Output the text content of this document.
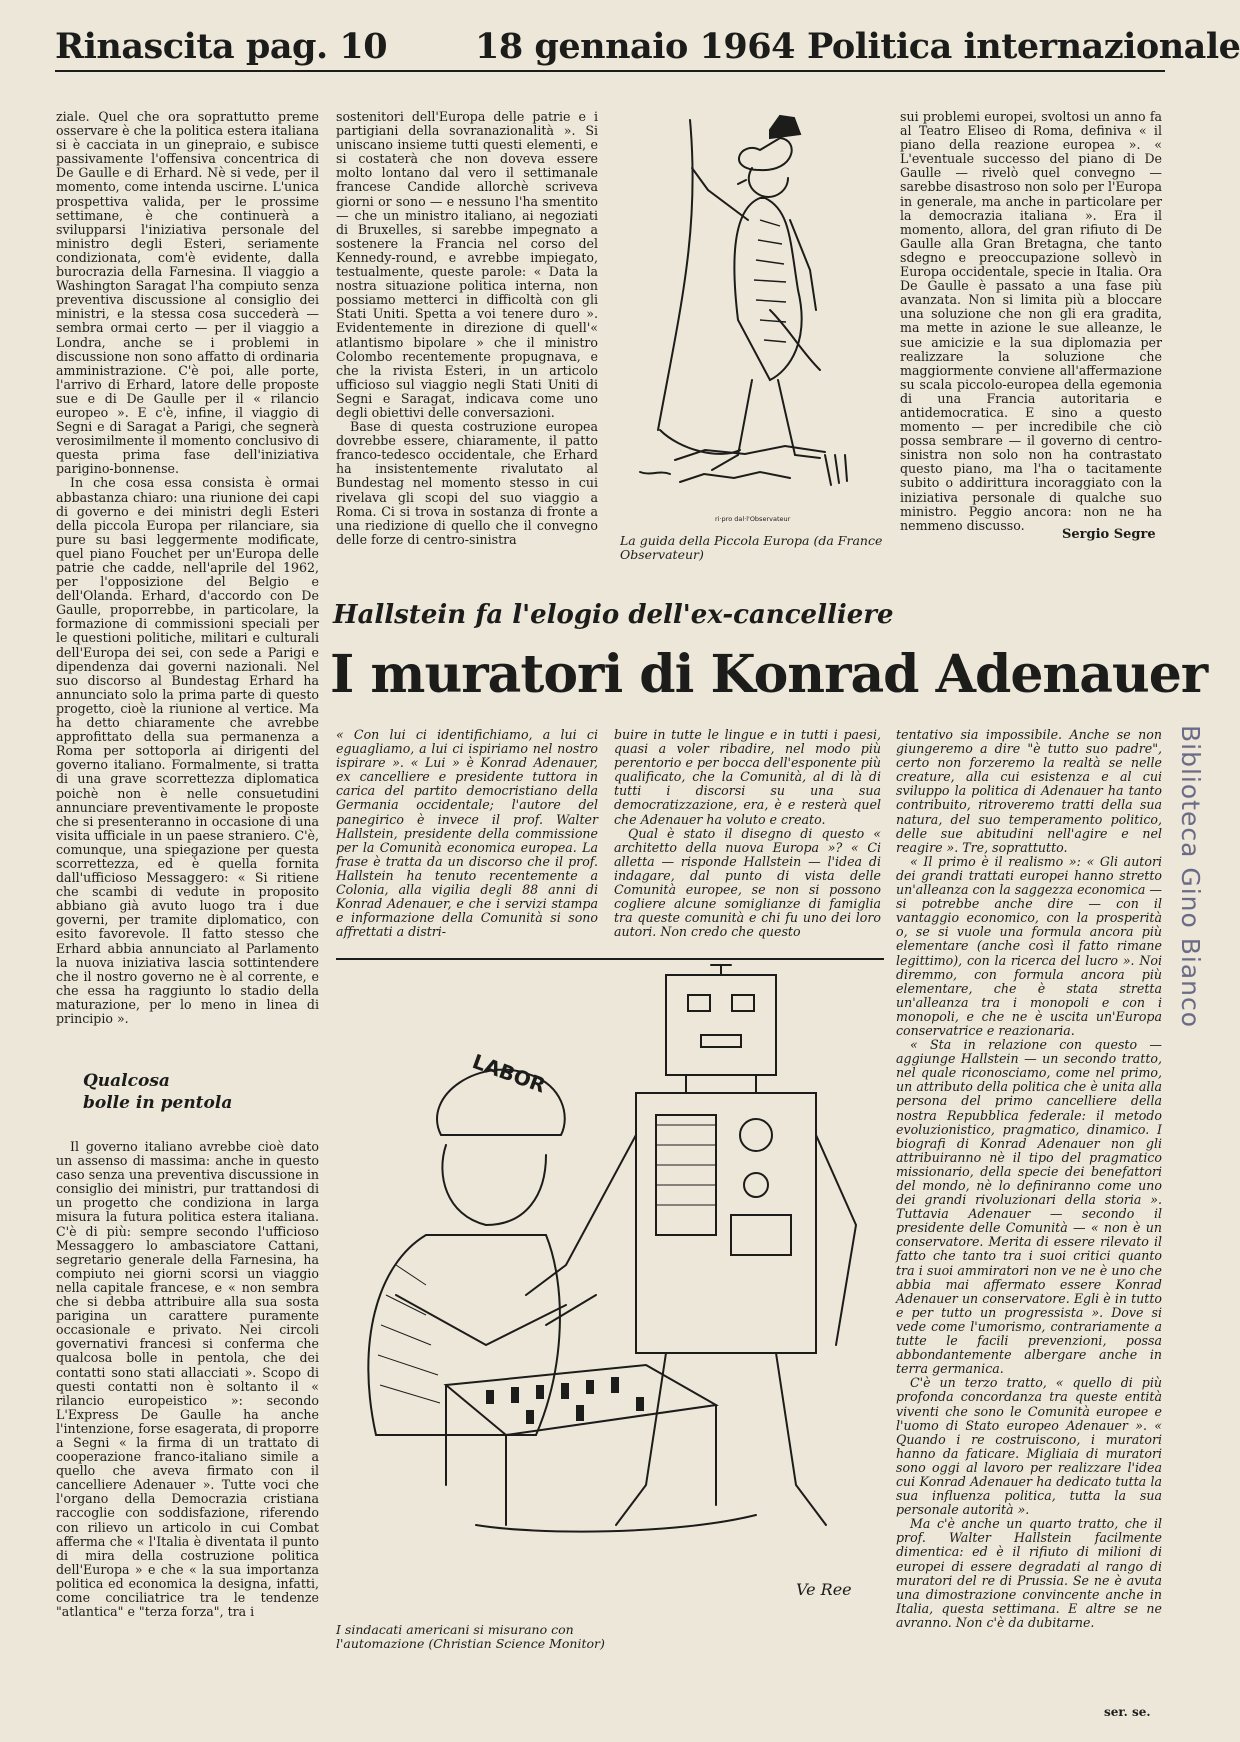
Rinascita pag. 10	18 gennaio 1964 Politica internazionale

ziale. Quel che ora soprattutto preme osservare è che la politica estera italiana si è cacciata in un ginepraio, e subisce passivamente l'offensiva concentrica di De Gaulle e di Erhard. Nè si vede, per il momento, come intenda uscirne. L'unica prospettiva valida, per le prossime settimane, è che continuerà a svilupparsi l'iniziativa personale del ministro degli Esteri, seriamente condizionata, com'è evidente, dalla burocrazia della Farnesina. Il viaggio a Washington Saragat l'ha compiuto senza preventiva discussione al consiglio dei ministri, e la stessa cosa succederà — sembra ormai certo — per il viaggio a Londra, anche se i problemi in discussione non sono affatto di ordinaria amministrazione. C'è poi, alle porte, l'arrivo di Erhard, latore delle proposte sue e di De Gaulle per il « rilancio europeo ». E c'è, infine, il viaggio di Segni e di Saragat a Parigi, che segnerà verosimilmente il momento conclusivo di questa prima fase dell'iniziativa parigino-bonnense.

In che cosa essa consista è ormai abbastanza chiaro: una riunione dei capi di governo e dei ministri degli Esteri della piccola Europa per rilanciare, sia pure su basi leggermente modificate, quel piano Fouchet per un'Europa delle patrie che cadde, nell'aprile del 1962, per l'opposizione del Belgio e dell'Olanda. Erhard, d'accordo con De Gaulle, proporrebbe, in particolare, la formazione di commissioni speciali per le questioni politiche, militari e culturali dell'Europa dei sei, con sede a Parigi e dipendenza dai governi nazionali. Nel suo discorso al Bundestag Erhard ha annunciato solo la prima parte di questo progetto, cioè la riunione al vertice. Ma ha detto chiaramente che avrebbe approfittato della sua permanenza a Roma per sottoporla ai dirigenti del governo italiano. Formalmente, si tratta di una grave scorrettezza diplomatica poichè non è nelle consuetudini annunciare preventivamente le proposte che si presenteranno in occasione di una visita ufficiale in un paese straniero. C'è, comunque, una spiegazione per questa scorrettezza, ed è quella fornita dall'ufficioso Messaggero: « Si ritiene che scambi di vedute in proposito abbiano già avuto luogo tra i due governi, per tramite diplomatico, con esito favorevole. Il fatto stesso che Erhard abbia annunciato al Parlamento la nuova iniziativa lascia sottintendere che il nostro governo ne è al corrente, e che essa ha raggiunto lo stadio della maturazione, per lo meno in linea di principio ».

Qualcosa
bolle in pentola

Il governo italiano avrebbe cioè dato un assenso di massima: anche in questo caso senza una preventiva discussione in consiglio dei ministri, pur trattandosi di un progetto che condiziona in larga misura la futura politica estera italiana. C'è di più: sempre secondo l'ufficioso Messaggero lo ambasciatore Cattani, segretario generale della Farnesina, ha compiuto nei giorni scorsi un viaggio nella capitale francese, e « non sembra che si debba attribuire alla sua sosta parigina un carattere puramente occasionale e privato. Nei circoli governativi francesi si conferma che qualcosa bolle in pentola, che dei contatti sono stati allacciati ». Scopo di questi contatti non è soltanto il « rilancio europeistico »: secondo L'Express De Gaulle ha anche l'intenzione, forse esagerata, di proporre a Segni « la firma di un trattato di cooperazione franco-italiano simile a quello che aveva firmato con il cancelliere Adenauer ». Tutte voci che l'organo della Democrazia cristiana raccoglie con soddisfazione, riferendo con rilievo un articolo in cui Combat afferma che « l'Italia è diventata il punto di mira della costruzione politica dell'Europa » e che « la sua importanza politica ed economica la designa, infatti, come conciliatrice tra le tendenze "atlantica" e "terza forza", tra i

sostenitori dell'Europa delle patrie e i partigiani della sovranazionalità ». Si uniscano insieme tutti questi elementi, e si costaterà che non doveva essere molto lontano dal vero il settimanale francese Candide allorchè scriveva giorni or sono — e nessuno l'ha smentito — che un ministro italiano, ai negoziati di Bruxelles, si sarebbe impegnato a sostenere la Francia nel corso del Kennedy-round, e avrebbe impiegato, testualmente, queste parole: « Data la nostra situazione politica interna, non possiamo metterci in difficoltà con gli Stati Uniti. Spetta a voi tenere duro ». Evidentemente in direzione di quell'« atlantismo bipolare » che il ministro Colombo recentemente propugnava, e che la rivista Esteri, in un articolo ufficioso sul viaggio negli Stati Uniti di Segni e Saragat, indicava come uno degli obiettivi delle conversazioni.

Base di questa costruzione europea dovrebbe essere, chiaramente, il patto franco-tedesco occidentale, che Erhard ha insistentemente rivalutato al Bundestag nel momento stesso in cui rivelava gli scopi del suo viaggio a Roma. Ci si trova in sostanza di fronte a una riedizione di quello che il convegno delle forze di centro-sinistra

ri·pro dal·l'Observateur
La guida della Piccola Europa (da France Observateur)

sui problemi europei, svoltosi un anno fa al Teatro Eliseo di Roma, definiva « il piano della reazione europea ». « L'eventuale successo del piano di De Gaulle — rivelò quel convegno — sarebbe disastroso non solo per l'Europa in generale, ma anche in particolare per la democrazia italiana ». Era il momento, allora, del gran rifiuto di De Gaulle alla Gran Bretagna, che tanto sdegno e preoccupazione sollevò in Europa occidentale, specie in Italia. Ora De Gaulle è passato a una fase più avanzata. Non si limita più a bloccare una soluzione che non gli era gradita, ma mette in azione le sue alleanze, le sue amicizie e la sua diplomazia per realizzare la soluzione che maggiormente conviene all'affermazione su scala piccolo-europea della egemonia di una Francia autoritaria e antidemocratica. E sino a questo momento — per incredibile che ciò possa sembrare — il governo di centro-sinistra non solo non ha contrastato questo piano, ma l'ha o tacitamente subito o addirittura incoraggiato con la iniziativa personale di qualche suo ministro. Peggio ancora: non ne ha nemmeno discusso.

Sergio Segre
Hallstein fa l'elogio dell'ex-cancelliere
I muratori di Konrad Adenauer

« Con lui ci identifichiamo, a lui ci eguagliamo, a lui ci ispiriamo nel nostro ispirare ». « Lui » è Konrad Adenauer, ex cancelliere e presidente tuttora in carica del partito democristiano della Germania occidentale; l'autore del panegirico è invece il prof. Walter Hallstein, presidente della commissione per la Comunità economica europea. La frase è tratta da un discorso che il prof. Hallstein ha tenuto recentemente a Colonia, alla vigilia degli 88 anni di Konrad Adenauer, e che i servizi stampa e informazione della Comunità si sono affrettati a distri-

buire in tutte le lingue e in tutti i paesi, quasi a voler ribadire, nel modo più perentorio e per bocca dell'esponente più qualificato, che la Comunità, al di là di tutti i discorsi su una sua democratizzazione, era, è e resterà quel che Adenauer ha voluto e creato.

Qual è stato il disegno di questo « architetto della nuova Europa »? « Ci alletta — risponde Hallstein — l'idea di indagare, dal punto di vista delle Comunità europee, se non si possono cogliere alcune somiglianze di famiglia tra queste comunità e chi fu uno dei loro autori. Non credo che questo

tentativo sia impossibile. Anche se non giungeremo a dire "è tutto suo padre", certo non forzeremo la realtà se nelle creature, alla cui esistenza e al cui sviluppo la politica di Adenauer ha tanto contribuito, ritroveremo tratti della sua natura, del suo temperamento politico, delle sue abitudini nell'agire e nel reagire ». Tre, soprattutto.

« Il primo è il realismo »: « Gli autori dei grandi trattati europei hanno stretto un'alleanza con la saggezza economica — si potrebbe anche dire — con il vantaggio economico, con la prosperità o, se si vuole una formula ancora più elementare (anche così il fatto rimane legittimo), con la ricerca del lucro ». Noi diremmo, con formula ancora più elementare, che è stata stretta un'alleanza tra i monopoli e con i monopoli, e che ne è uscita un'Europa conservatrice e reazionaria.

« Sta in relazione con questo — aggiunge Hallstein — un secondo tratto, nel quale riconosciamo, come nel primo, un attributo della politica che è unita alla persona del primo cancelliere della nostra Repubblica federale: il metodo evoluzionistico, pragmatico, dinamico. I biografi di Konrad Adenauer non gli attribuiranno nè il tipo del pragmatico missionario, della specie dei benefattori del mondo, nè lo definiranno come uno dei grandi rivoluzionari della storia ». Tuttavia Adenauer — secondo il presidente delle Comunità — « non è un conservatore. Merita di essere rilevato il fatto che tanto tra i suoi critici quanto tra i suoi ammiratori non ve ne è uno che abbia mai affermato essere Konrad Adenauer un conservatore. Egli è in tutto e per tutto un progressista ». Dove si vede come l'umorismo, contrariamente a tutte le facili prevenzioni, possa abbondantemente albergare anche in terra germanica.

C'è un terzo tratto, « quello di più profonda concordanza tra queste entità viventi che sono le Comunità europee e l'uomo di Stato europeo Adenauer ». « Quando i re costruiscono, i muratori hanno da faticare. Migliaia di muratori sono oggi al lavoro per realizzare l'idea cui Konrad Adenauer ha dedicato tutta la sua influenza politica, tutta la sua personale autorità ».

Ma c'è anche un quarto tratto, che il prof. Walter Hallstein facilmente dimentica: ed è il rifiuto di milioni di europei di essere degradati al rango di muratori del re di Prussia. Se ne è avuta una dimostrazione convincente anche in Italia, questa settimana. E altre se ne avranno. Non c'è da dubitarne.

ser. se.
LABOR
Ve Ree
I sindacati americani si misurano con l'automazione (Christian Science Monitor)
Biblioteca Gino Bianco
